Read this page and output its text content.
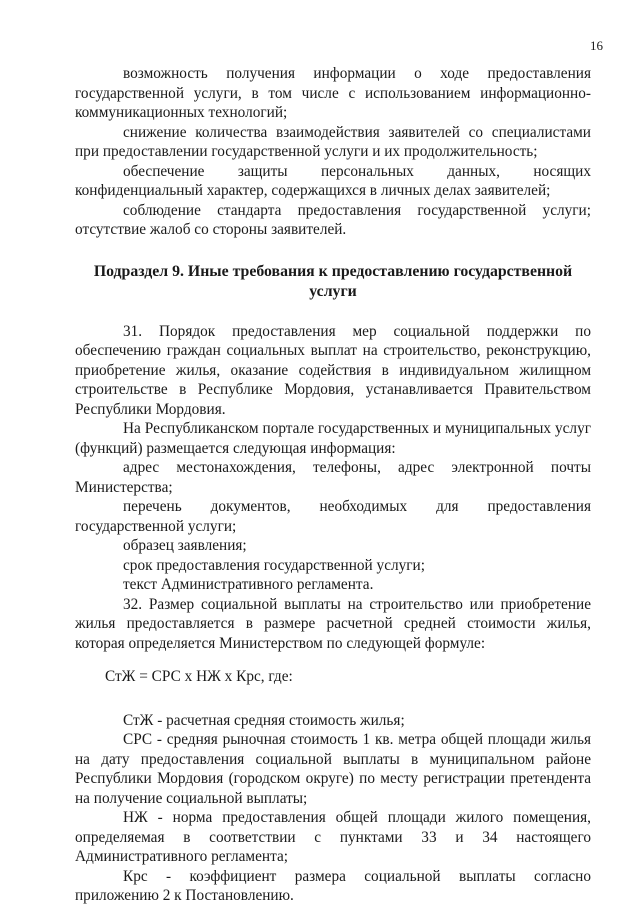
16

возможность получения информации о ходе предоставления государственной услуги, в том числе с использованием информационно-коммуникационных технологий;

снижение количества взаимодействия заявителей со специалистами при предоставлении государственной услуги и их продолжительность;

обеспечение защиты персональных данных, носящих конфиденциальный характер, содержащихся в личных делах заявителей;

соблюдение стандарта предоставления государственной услуги; отсутствие жалоб со стороны заявителей.

Подраздел 9. Иные требования к предоставлению государственной услуги

31. Порядок предоставления мер социальной поддержки по обеспечению граждан социальных выплат на строительство, реконструкцию, приобретение жилья, оказание содействия в индивидуальном жилищном строительстве в Республике Мордовия, устанавливается Правительством Республики Мордовия.

На Республиканском портале государственных и муниципальных услуг (функций) размещается следующая информация:

адрес местонахождения, телефоны, адрес электронной почты Министерства;

перечень документов, необходимых для предоставления государственной услуги;

образец заявления;

срок предоставления государственной услуги;

текст Административного регламента.

32. Размер социальной выплаты на строительство или приобретение жилья предоставляется в размере расчетной средней стоимости жилья, которая определяется Министерством по следующей формуле:

СтЖ = СРС х НЖ х Крс, где:

СтЖ - расчетная средняя стоимость жилья;

СРС - средняя рыночная стоимость 1 кв. метра общей площади жилья на дату предоставления социальной выплаты в муниципальном районе Республики Мордовия (городском округе) по месту регистрации претендента на получение социальной выплаты;

НЖ - норма предоставления общей площади жилого помещения, определяемая в соответствии с пунктами 33 и 34 настоящего Административного регламента;

Крс - коэффициент размера социальной выплаты согласно приложению 2 к Постановлению.
